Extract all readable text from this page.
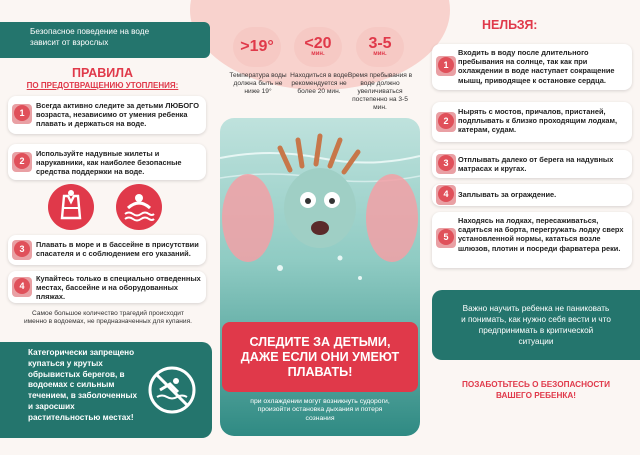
Безопасное поведение на воде
зависит от взрослых
ПРАВИЛА
ПО ПРЕДОТВРАЩЕНИЮ УТОПЛЕНИЯ:
1
Всегда активно следите за детьми ЛЮБОГО возраста, независимо от умения ребенка плавать и держаться на воде.
2
Используйте надувные жилеты и нарукавники, как наиболее безопасные средства поддержки на воде.
3	Плавать в море и в бассейне в присутствии спасателя и с соблюдением его указаний.
4
Купайтесь только в специально отведенных местах, бассейне и на оборудованных пляжах.
Самое большое количество трагедий происходит именно в водоемах, не предназначенных для купания.
Категорически запрещено купаться у крутых обрывистых берегов, в водоемах с сильным течением, в заболоченных и заросших растительностью местах!
>19°	<20
мин.
3-5
мин.
Температура воды должна быть не ниже 19°
Находиться в воде рекомендуется не более 20 мин.
Время пребывания в воде должно увеличиваться постепенно на 3-5 мин.
СЛЕДИТЕ ЗА ДЕТЬМИ, ДАЖЕ ЕСЛИ ОНИ УМЕЮТ ПЛАВАТЬ!
при охлаждении могут возникнуть судороги, произойти остановка дыхания и потеря сознания
НЕЛЬЗЯ:
1
Входить в воду после длительного пребывания на солнце, так как при охлаждении в воде наступает сокращение мышц, приводящее к остановке сердца.
2
Нырять с мостов, причалов, пристаней, подплывать к близко проходящим лодкам, катерам, судам.
3	Отплывать далеко от берега на надувных матрасах и кругах.
4	Заплывать за ограждение.
5
Находясь на лодках, пересаживаться, садиться на борта, перегружать лодку сверх установленной нормы, кататься возле шлюзов, плотин и посреди фарватера реки.
Важно научить ребенка не паниковать и понимать, как нужно себя вести и что предпринимать в критической ситуации
ПОЗАБОТЬТЕСЬ О БЕЗОПАСНОСТИ ВАШЕГО РЕБЕНКА!
